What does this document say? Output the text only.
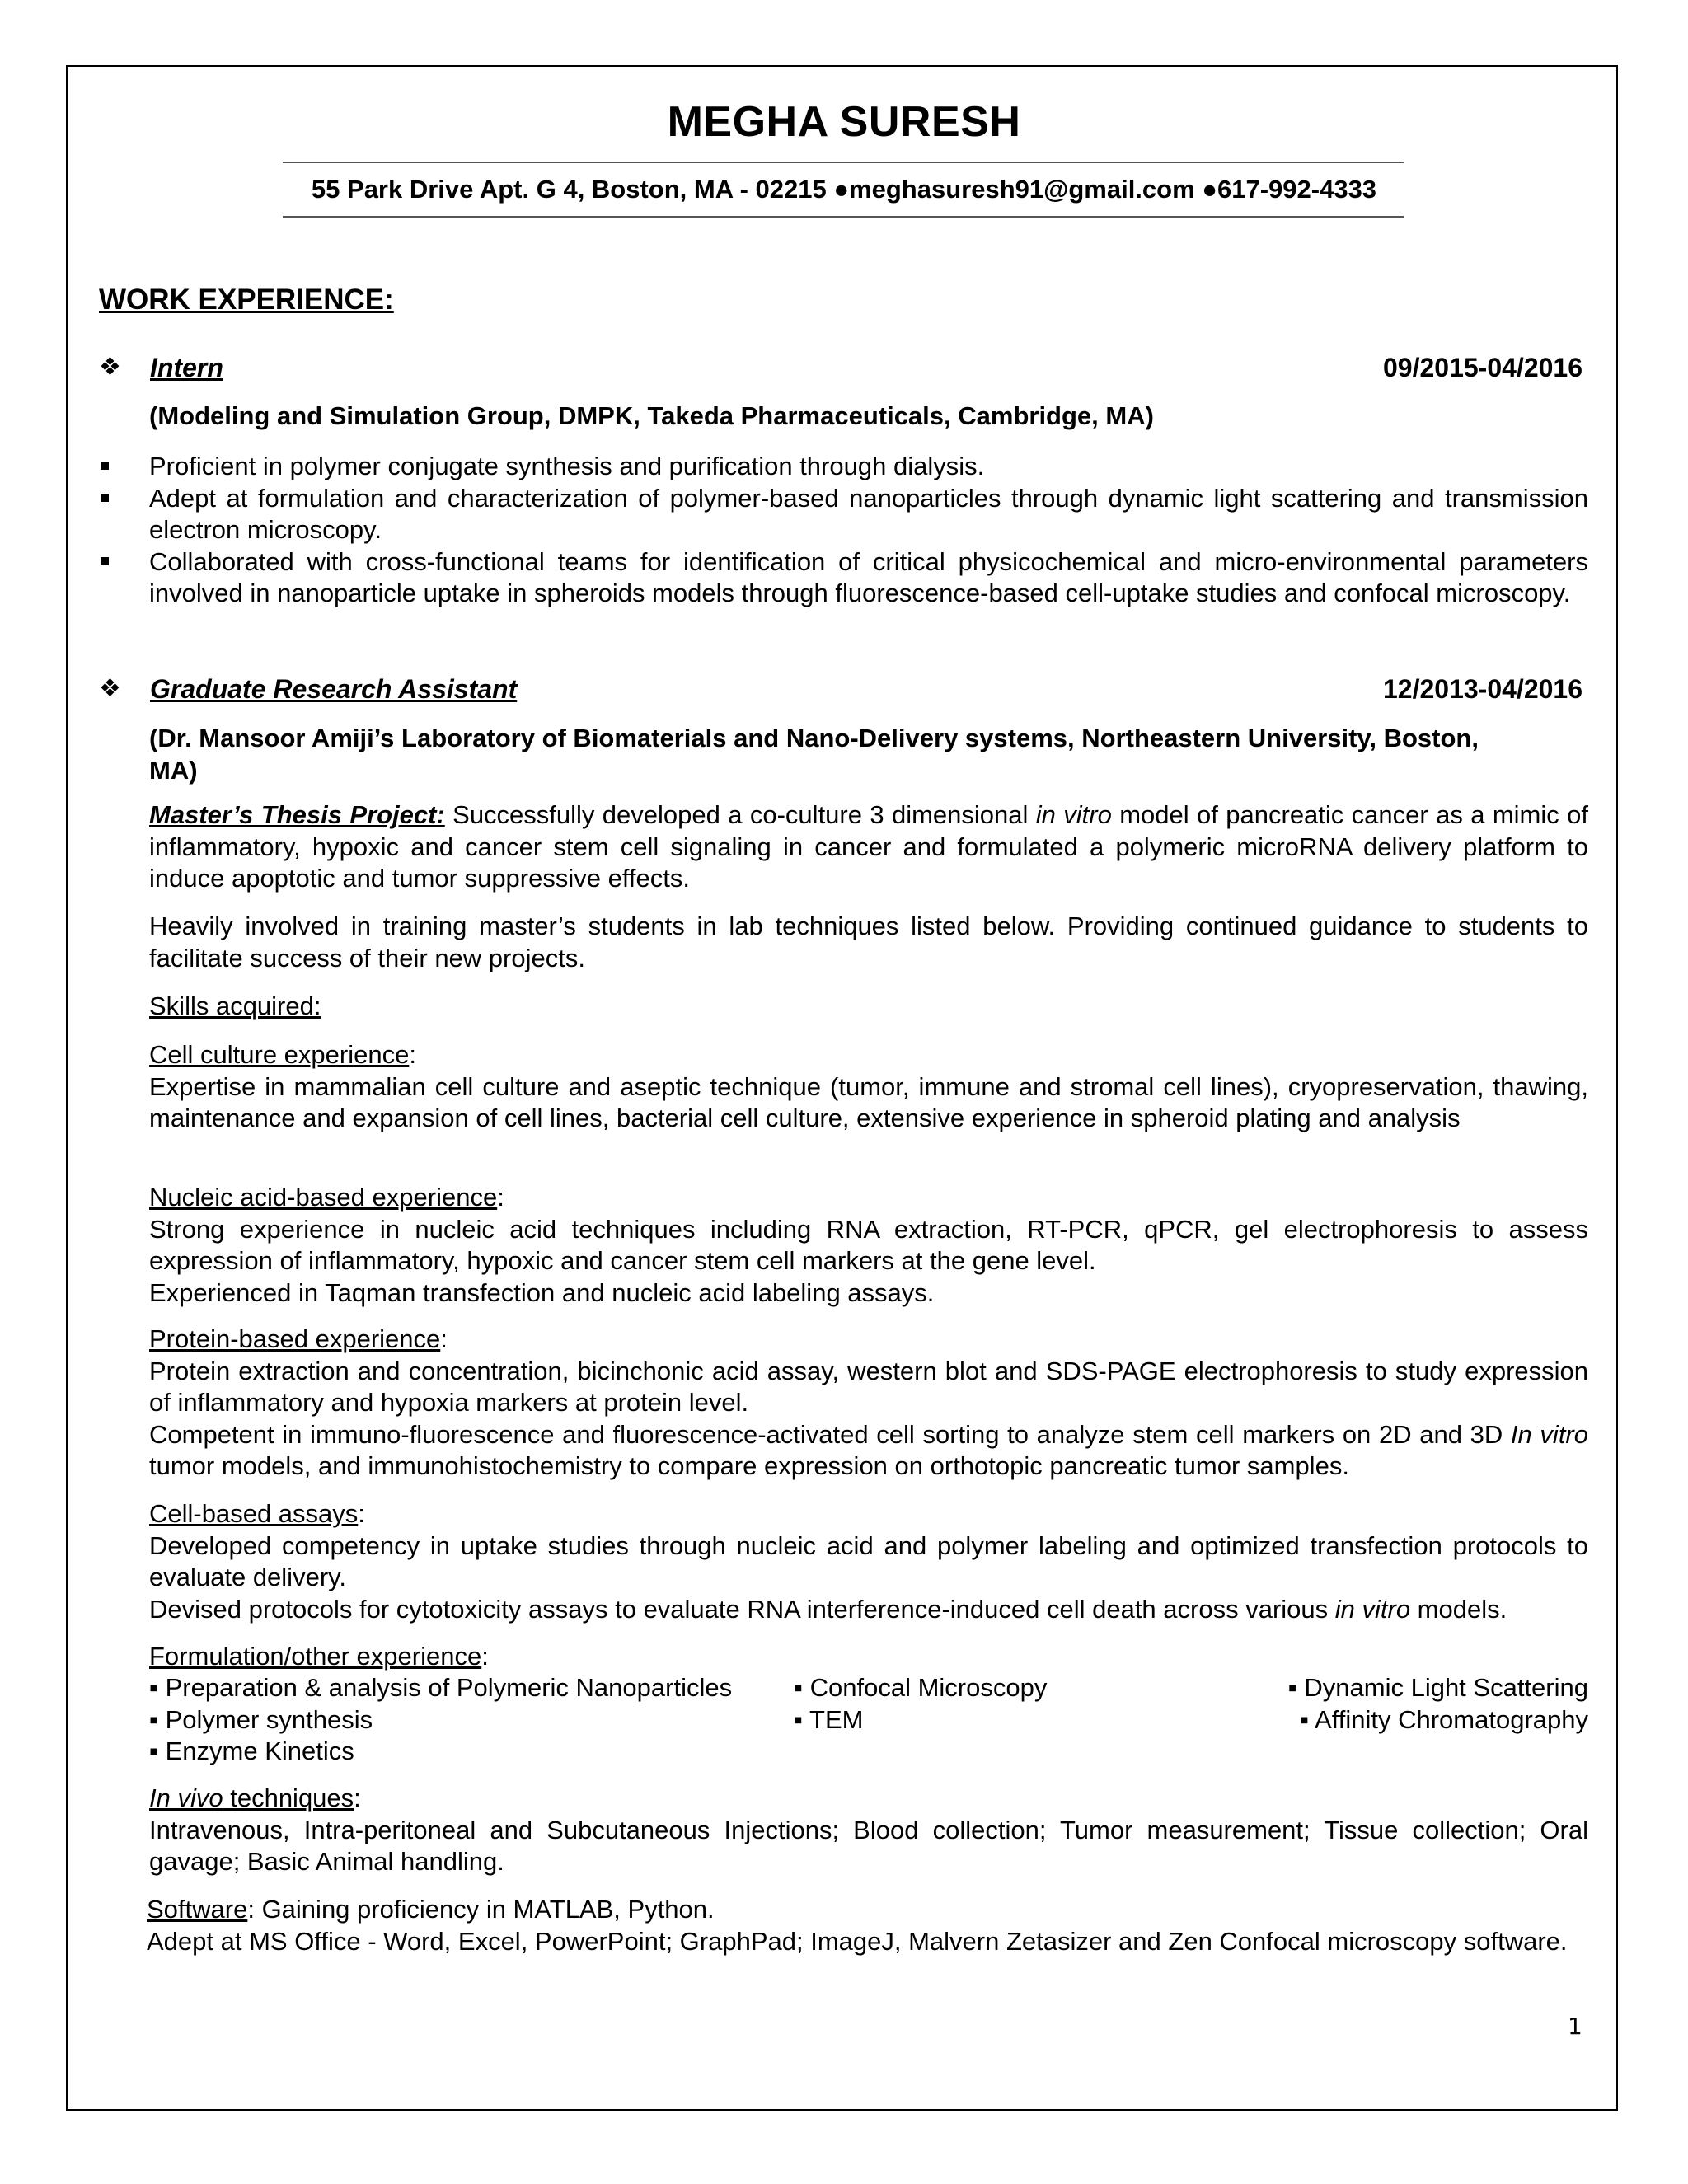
MEGHA SURESH
55 Park Drive Apt. G 4, Boston, MA - 02215 ●meghasuresh91@gmail.com ●617-992-4333
WORK EXPERIENCE:
❖ Intern	09/2015-04/2016
(Modeling and Simulation Group, DMPK, Takeda Pharmaceuticals, Cambridge, MA)
Proficient in polymer conjugate synthesis and purification through dialysis.
Adept at formulation and characterization of polymer-based nanoparticles through dynamic light scattering and transmission electron microscopy.
Collaborated with cross-functional teams for identification of critical physicochemical and micro-environmental parameters involved in nanoparticle uptake in spheroids models through fluorescence-based cell-uptake studies and confocal microscopy.
❖ Graduate Research Assistant	12/2013-04/2016
(Dr. Mansoor Amiji’s Laboratory of Biomaterials and Nano-Delivery systems, Northeastern University, Boston, MA)
Master’s Thesis Project: Successfully developed a co-culture 3 dimensional in vitro model of pancreatic cancer as a mimic of inflammatory, hypoxic and cancer stem cell signaling in cancer and formulated a polymeric microRNA delivery platform to induce apoptotic and tumor suppressive effects.
Heavily involved in training master’s students in lab techniques listed below. Providing continued guidance to students to facilitate success of their new projects.
Skills acquired:
Cell culture experience:
Expertise in mammalian cell culture and aseptic technique (tumor, immune and stromal cell lines), cryopreservation, thawing, maintenance and expansion of cell lines, bacterial cell culture, extensive experience in spheroid plating and analysis
Nucleic acid-based experience:
Strong experience in nucleic acid techniques including RNA extraction, RT-PCR, qPCR, gel electrophoresis to assess expression of inflammatory, hypoxic and cancer stem cell markers at the gene level.
Experienced in Taqman transfection and nucleic acid labeling assays.
Protein-based experience:
Protein extraction and concentration, bicinchonic acid assay, western blot and SDS-PAGE electrophoresis to study expression of inflammatory and hypoxia markers at protein level.
Competent in immuno-fluorescence and fluorescence-activated cell sorting to analyze stem cell markers on 2D and 3D In vitro tumor models, and immunohistochemistry to compare expression on orthotopic pancreatic tumor samples.
Cell-based assays:
Developed competency in uptake studies through nucleic acid and polymer labeling and optimized transfection protocols to evaluate delivery.
Devised protocols for cytotoxicity assays to evaluate RNA interference-induced cell death across various in vitro models.
Formulation/other experience:
▪ Preparation & analysis of Polymeric Nanoparticles ▪ Confocal Microscopy	▪ Dynamic Light Scattering
▪ Polymer synthesis	▪ TEM	▪ Affinity Chromatography
▪ Enzyme Kinetics
In vivo techniques:
Intravenous, Intra-peritoneal and Subcutaneous Injections; Blood collection; Tumor measurement; Tissue collection; Oral gavage; Basic Animal handling.
Software: Gaining proficiency in MATLAB, Python.
Adept at MS Office - Word, Excel, PowerPoint; GraphPad; ImageJ, Malvern Zetasizer and Zen Confocal microscopy software.
1
